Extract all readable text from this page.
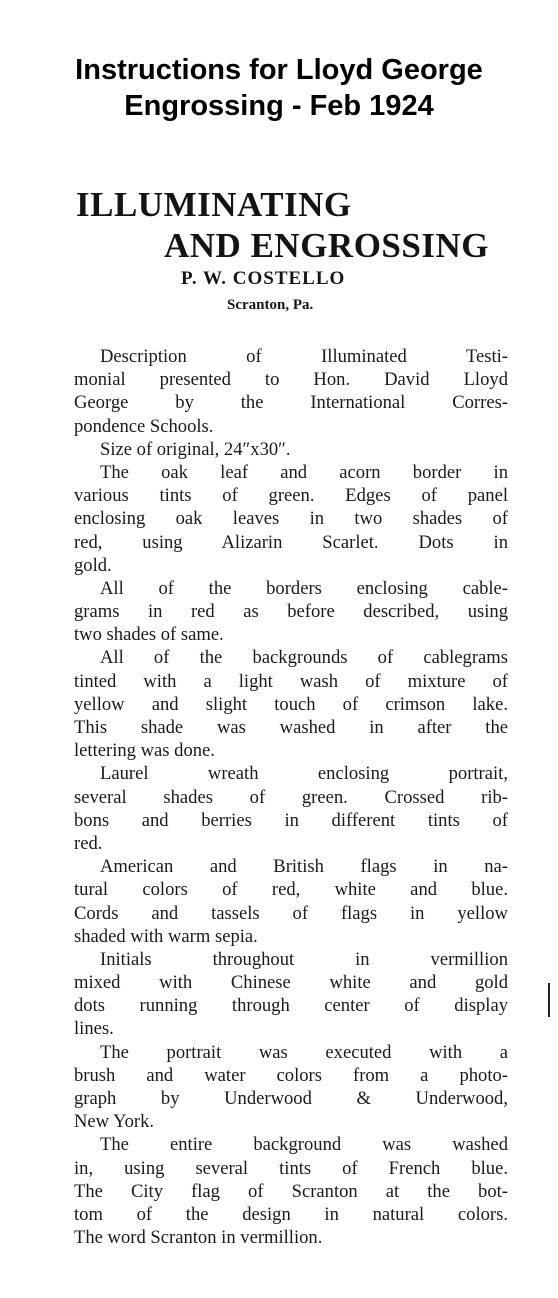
Instructions for Lloyd George
Engrossing - Feb 1924
ILLUMINATING
AND ENGROSSING
P. W. COSTELLO
Scranton, Pa.
Description of Illuminated Testi-
monial presented to Hon. David Lloyd
George by the International Corres-
pondence Schools.
Size of original, 24″x30″.
The oak leaf and acorn border in
various tints of green. Edges of panel
enclosing oak leaves in two shades of
red, using Alizarin Scarlet. Dots in
gold.
All of the borders enclosing cable-
grams in red as before described, using
two shades of same.
All of the backgrounds of cablegrams
tinted with a light wash of mixture of
yellow and slight touch of crimson lake.
This shade was washed in after the
lettering was done.
Laurel wreath enclosing portrait,
several shades of green. Crossed rib-
bons and berries in different tints of
red.
American and British flags in na-
tural colors of red, white and blue.
Cords and tassels of flags in yellow
shaded with warm sepia.
Initials throughout in vermillion
mixed with Chinese white and gold
dots running through center of display
lines.
The portrait was executed with a
brush and water colors from a photo-
graph by Underwood & Underwood,
New York.
The entire background was washed
in, using several tints of French blue.
The City flag of Scranton at the bot-
tom of the design in natural colors.
The word Scranton in vermillion.
